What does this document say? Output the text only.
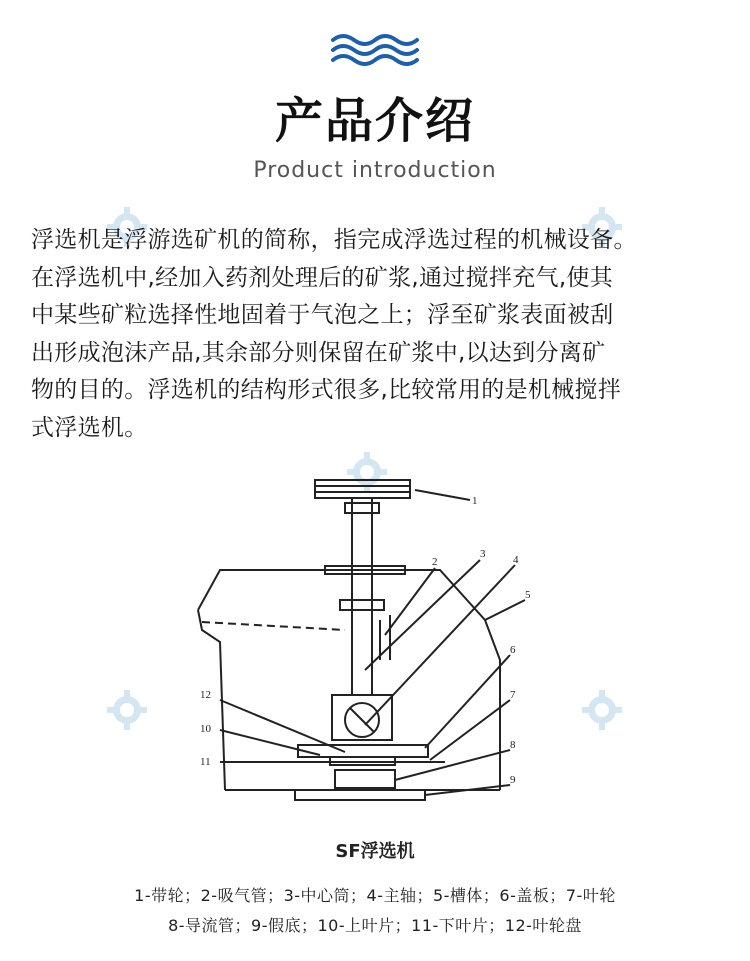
产品介绍
Product introduction
浮选机是浮游选矿机的简称，指完成浮选过程的机械设备。
在浮选机中,经加入药剂处理后的矿浆,通过搅拌充气,使其
中某些矿粒选择性地固着于气泡之上；浮至矿浆表面被刮
出形成泡沫产品,其余部分则保留在矿浆中,以达到分离矿
物的目的。浮选机的结构形式很多,比较常用的是机械搅拌
式浮选机。
1
2
3	4
5
6
7
8
9
10
11
12
SF浮选机
1-带轮；2-吸气管；3-中心筒；4-主轴；5-槽体；6-盖板；7-叶轮
8-导流管；9-假底；10-上叶片；11-下叶片；12-叶轮盘
